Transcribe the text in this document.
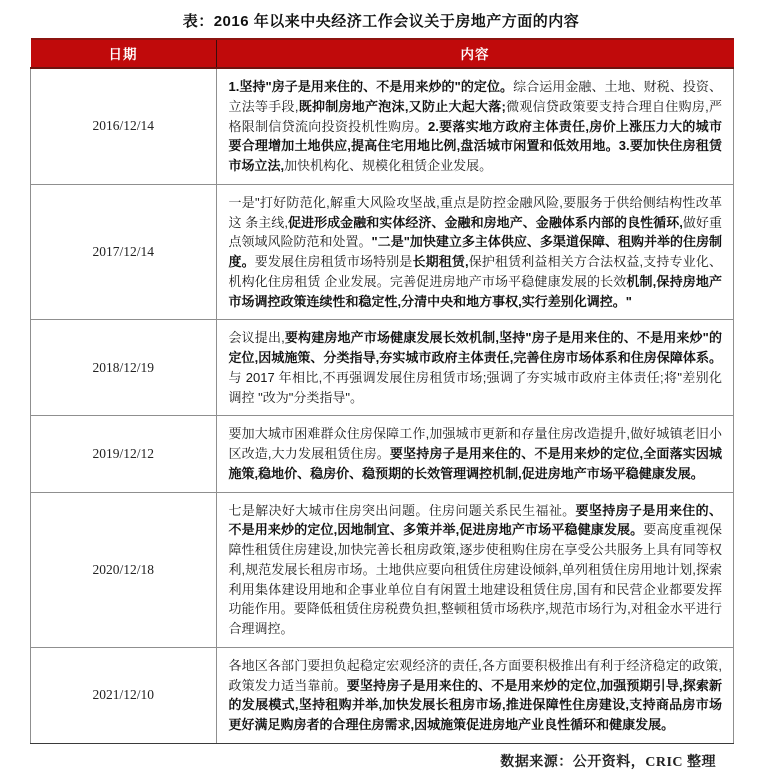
表：2016 年以来中央经济工作会议关于房地产方面的内容
日期	内容
2016/12/14	1.坚持"房子是用来住的、不是用来炒的"的定位。综合运用金融、土地、财税、投资、立法等手段,既抑制房地产泡沫,又防止大起大落;微观信贷政策要支持合理自住购房,严格限制信贷流向投资投机性购房。2.要落实地方政府主体责任,房价上涨压力大的城市要合理增加土地供应,提高住宅用地比例,盘活城市闲置和低效用地。3.要加快住房租赁市场立法,加快机构化、规模化租赁企业发展。
2017/12/14	一是"打好防范化,解重大风险攻坚战,重点是防控金融风险,要服务于供给侧结构性改革这 条主线,促进形成金融和实体经济、金融和房地产、金融体系内部的良性循环,做好重点领域风险防范和处置。"二是"加快建立多主体供应、多渠道保障、租购并举的住房制度。要发展住房租赁市场特别是长期租赁,保护租赁利益相关方合法权益,支持专业化、机构化住房租赁 企业发展。完善促进房地产市场平稳健康发展的长效机制,保持房地产市场调控政策连续性和稳定性,分清中央和地方事权,实行差别化调控。"
2018/12/19	会议提出,要构建房地产市场健康发展长效机制,坚持"房子是用来住的、不是用来炒"的定位,因城施策、分类指导,夯实城市政府主体责任,完善住房市场体系和住房保障体系。与 2017 年相比,不再强调发展住房租赁市场;强调了夯实城市政府主体责任;将"差别化调控 "改为"分类指导"。
2019/12/12	要加大城市困难群众住房保障工作,加强城市更新和存量住房改造提升,做好城镇老旧小区改造,大力发展租赁住房。要坚持房子是用来住的、不是用来炒的定位,全面落实因城施策,稳地价、稳房价、稳预期的长效管理调控机制,促进房地产市场平稳健康发展。
2020/12/18	七是解决好大城市住房突出问题。住房问题关系民生福祉。要坚持房子是用来住的、不是用来炒的定位,因地制宜、多策并举,促进房地产市场平稳健康发展。要高度重视保障性租赁住房建设,加快完善长租房政策,逐步使租购住房在享受公共服务上具有同等权利,规范发展长租房市场。土地供应要向租赁住房建设倾斜,单列租赁住房用地计划,探索利用集体建设用地和企事业单位自有闲置土地建设租赁住房,国有和民营企业都要发挥功能作用。要降低租赁住房税费负担,整顿租赁市场秩序,规范市场行为,对租金水平进行合理调控。
2021/12/10	各地区各部门要担负起稳定宏观经济的责任,各方面要积极推出有利于经济稳定的政策,政策发力适当靠前。要坚持房子是用来住的、不是用来炒的定位,加强预期引导,探索新的发展模式,坚持租购并举,加快发展长租房市场,推进保障性住房建设,支持商品房市场更好满足购房者的合理住房需求,因城施策促进房地产业良性循环和健康发展。
数据来源：公开资料，CRIC 整理
